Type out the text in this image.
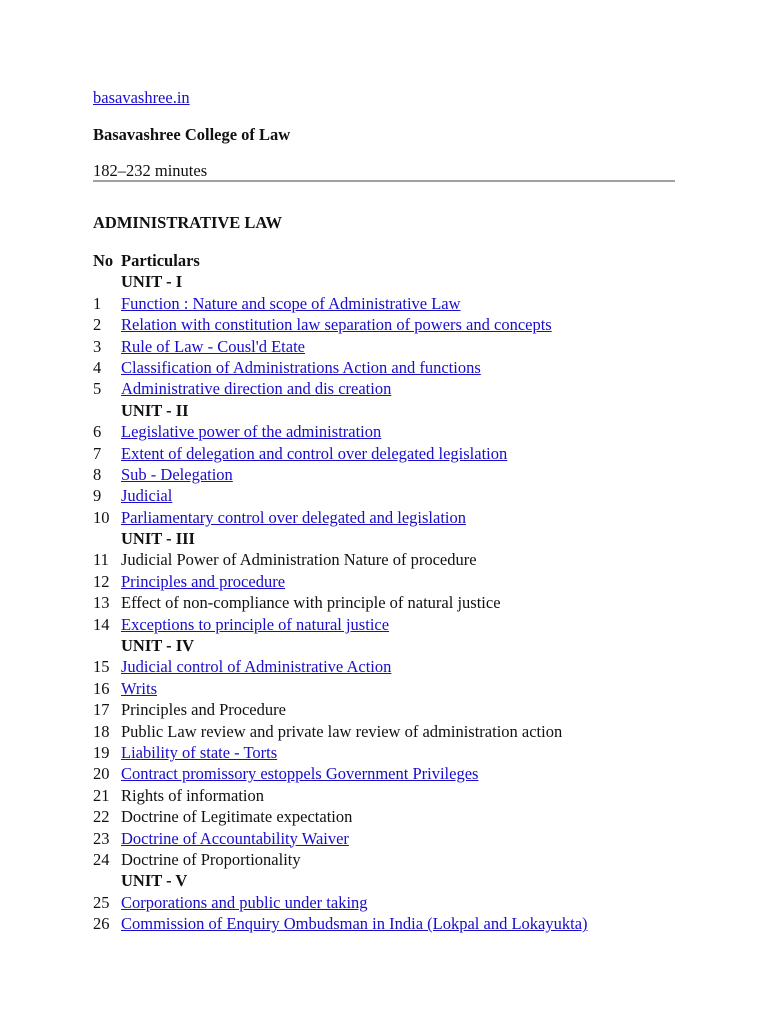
basavashree.in
Basavashree College of Law
182–232 minutes
ADMINISTRATIVE LAW
No Particulars
UNIT - I
1	Function : Nature and scope of Administrative Law
2	Relation with constitution law separation of powers and concepts
3	Rule of Law - Cousl'd Etate
4	Classification of Administrations Action and functions
5	Administrative direction and dis creation
UNIT - II
6	Legislative power of the administration
7	Extent of delegation and control over delegated legislation
8	Sub - Delegation
9	Judicial
10 Parliamentary control over delegated and legislation
UNIT - III
11 Judicial Power of Administration Nature of procedure
12 Principles and procedure
13 Effect of non-compliance with principle of natural justice
14 Exceptions to principle of natural justice
UNIT - IV
15 Judicial control of Administrative Action
16 Writs
17 Principles and Procedure
18 Public Law review and private law review of administration action
19 Liability of state - Torts
20 Contract promissory estoppels Government Privileges
21 Rights of information
22 Doctrine of Legitimate expectation
23 Doctrine of Accountability Waiver
24 Doctrine of Proportionality
UNIT - V
25 Corporations and public under taking
26 Commission of Enquiry Ombudsman in India (Lokpal and Lokayukta)
